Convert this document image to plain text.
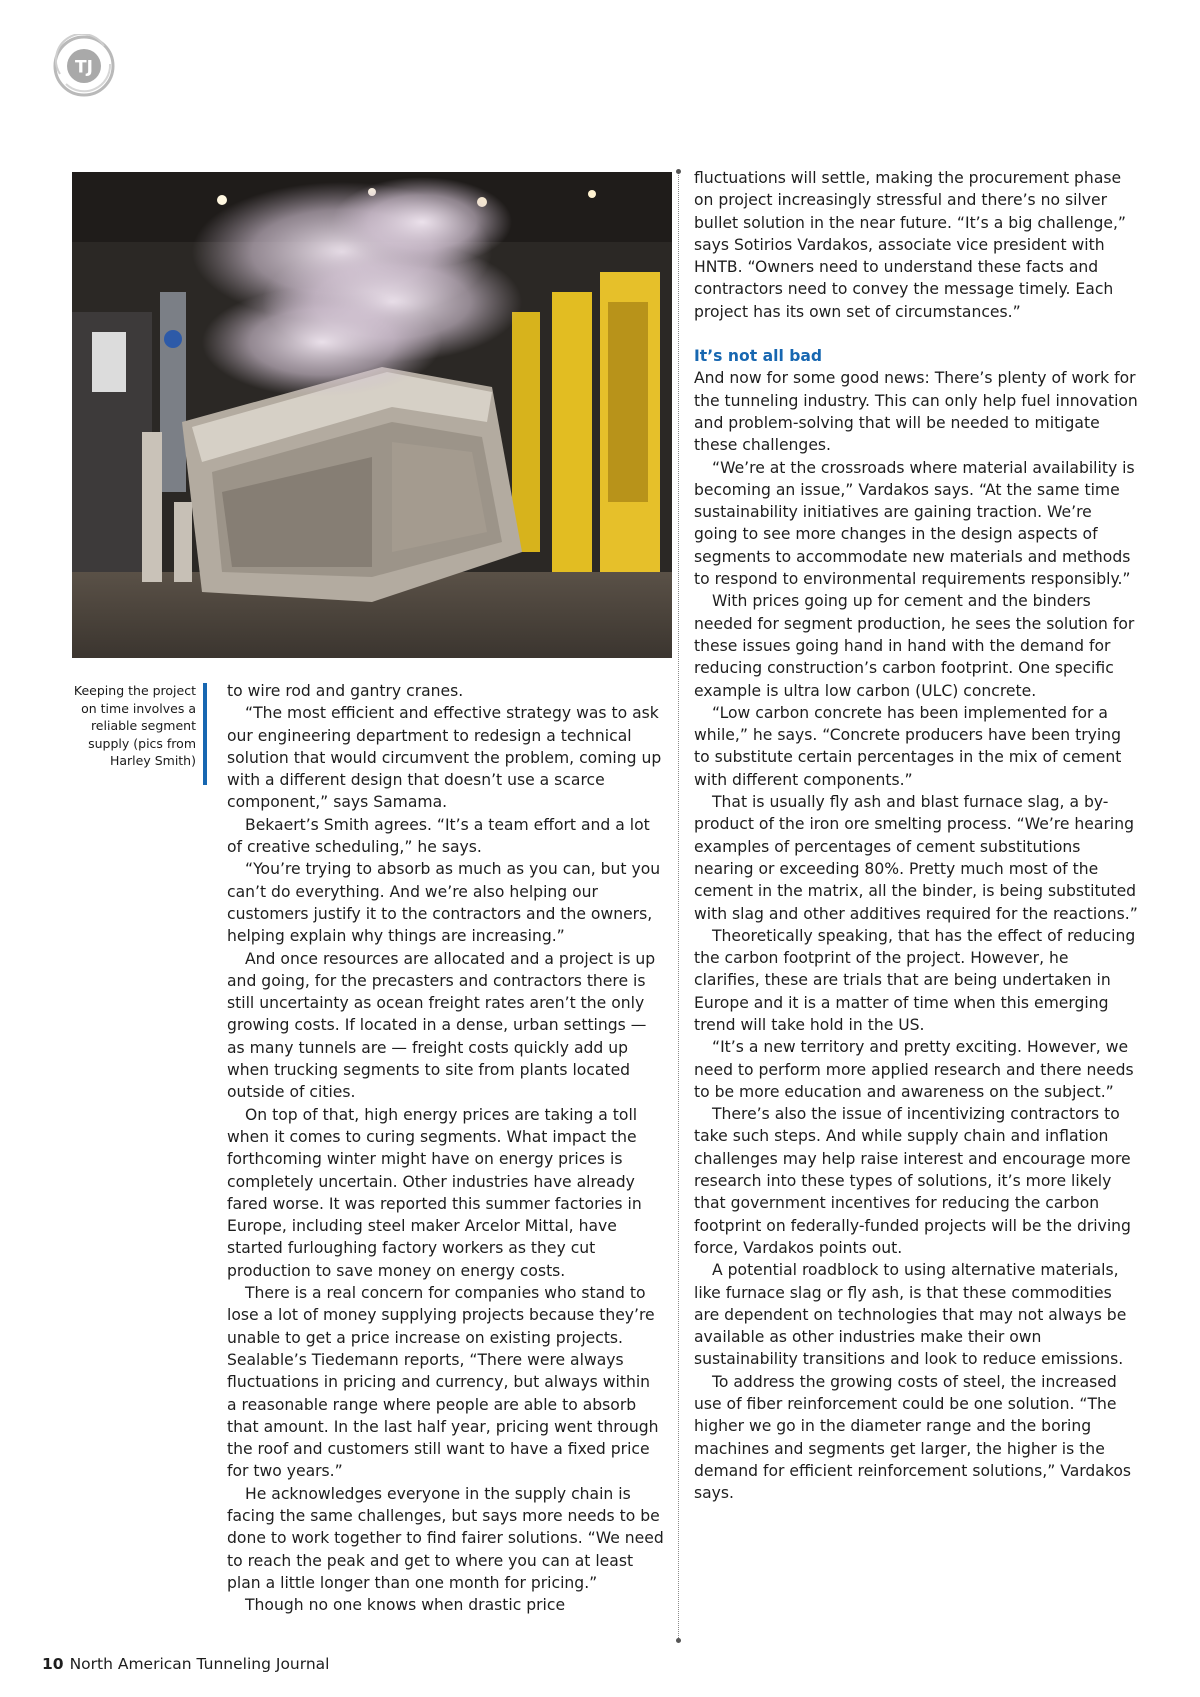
TJ
Keeping the project on time involves a reliable segment supply (pics from Harley Smith)

to wire rod and gantry cranes.

“The most efficient and effective strategy was to ask our engineering department to redesign a technical solution that would circumvent the problem, coming up with a different design that doesn’t use a scarce component,” says Samama.

Bekaert’s Smith agrees. “It’s a team effort and a lot of creative scheduling,” he says.

“You’re trying to absorb as much as you can, but you can’t do everything. And we’re also helping our customers justify it to the contractors and the owners, helping explain why things are increasing.”

And once resources are allocated and a project is up and going, for the precasters and contractors there is still uncertainty as ocean freight rates aren’t the only growing costs. If located in a dense, urban settings — as many tunnels are — freight costs quickly add up when trucking segments to site from plants located outside of cities.

On top of that, high energy prices are taking a toll when it comes to curing segments. What impact the forthcoming winter might have on energy prices is completely uncertain. Other industries have already fared worse. It was reported this summer factories in Europe, including steel maker Arcelor Mittal, have started furloughing factory workers as they cut production to save money on energy costs.

There is a real concern for companies who stand to lose a lot of money supplying projects because they’re unable to get a price increase on existing projects. Sealable’s Tiedemann reports, “There were always fluctuations in pricing and currency, but always within a reasonable range where people are able to absorb that amount. In the last half year, pricing went through the roof and customers still want to have a fixed price for two years.”

He acknowledges everyone in the supply chain is facing the same challenges, but says more needs to be done to work together to find fairer solutions. “We need to reach the peak and get to where you can at least plan a little longer than one month for pricing.”

Though no one knows when drastic price

fluctuations will settle, making the procurement phase on project increasingly stressful and there’s no silver bullet solution in the near future. “It’s a big challenge,” says Sotirios Vardakos, associate vice president with HNTB. “Owners need to understand these facts and contractors need to convey the message timely. Each project has its own set of circumstances.”

It’s not all bad

And now for some good news: There’s plenty of work for the tunneling industry. This can only help fuel innovation and problem-solving that will be needed to mitigate these challenges.

“We’re at the crossroads where material availability is becoming an issue,” Vardakos says. “At the same time sustainability initiatives are gaining traction. We’re going to see more changes in the design aspects of segments to accommodate new materials and methods to respond to environmental requirements responsibly.”

With prices going up for cement and the binders needed for segment production, he sees the solution for these issues going hand in hand with the demand for reducing construction’s carbon footprint. One specific example is ultra low carbon (ULC) concrete.

“Low carbon concrete has been implemented for a while,” he says. “Concrete producers have been trying to substitute certain percentages in the mix of cement with different components.”

That is usually fly ash and blast furnace slag, a by-product of the iron ore smelting process. “We’re hearing examples of percentages of cement substitutions nearing or exceeding 80%. Pretty much most of the cement in the matrix, all the binder, is being substituted with slag and other additives required for the reactions.”

Theoretically speaking, that has the effect of reducing the carbon footprint of the project. However, he clarifies, these are trials that are being undertaken in Europe and it is a matter of time when this emerging trend will take hold in the US.

“It’s a new territory and pretty exciting. However, we need to perform more applied research and there needs to be more education and awareness on the subject.”

There’s also the issue of incentivizing contractors to take such steps. And while supply chain and inflation challenges may help raise interest and encourage more research into these types of solutions, it’s more likely that government incentives for reducing the carbon footprint on federally-funded projects will be the driving force, Vardakos points out.

A potential roadblock to using alternative materials, like furnace slag or fly ash, is that these commodities are dependent on technologies that may not always be available as other industries make their own sustainability transitions and look to reduce emissions.

To address the growing costs of steel, the increased use of fiber reinforcement could be one solution. “The higher we go in the diameter range and the boring machines and segments get larger, the higher is the demand for efficient reinforcement solutions,” Vardakos says.

10 North American Tunneling Journal
